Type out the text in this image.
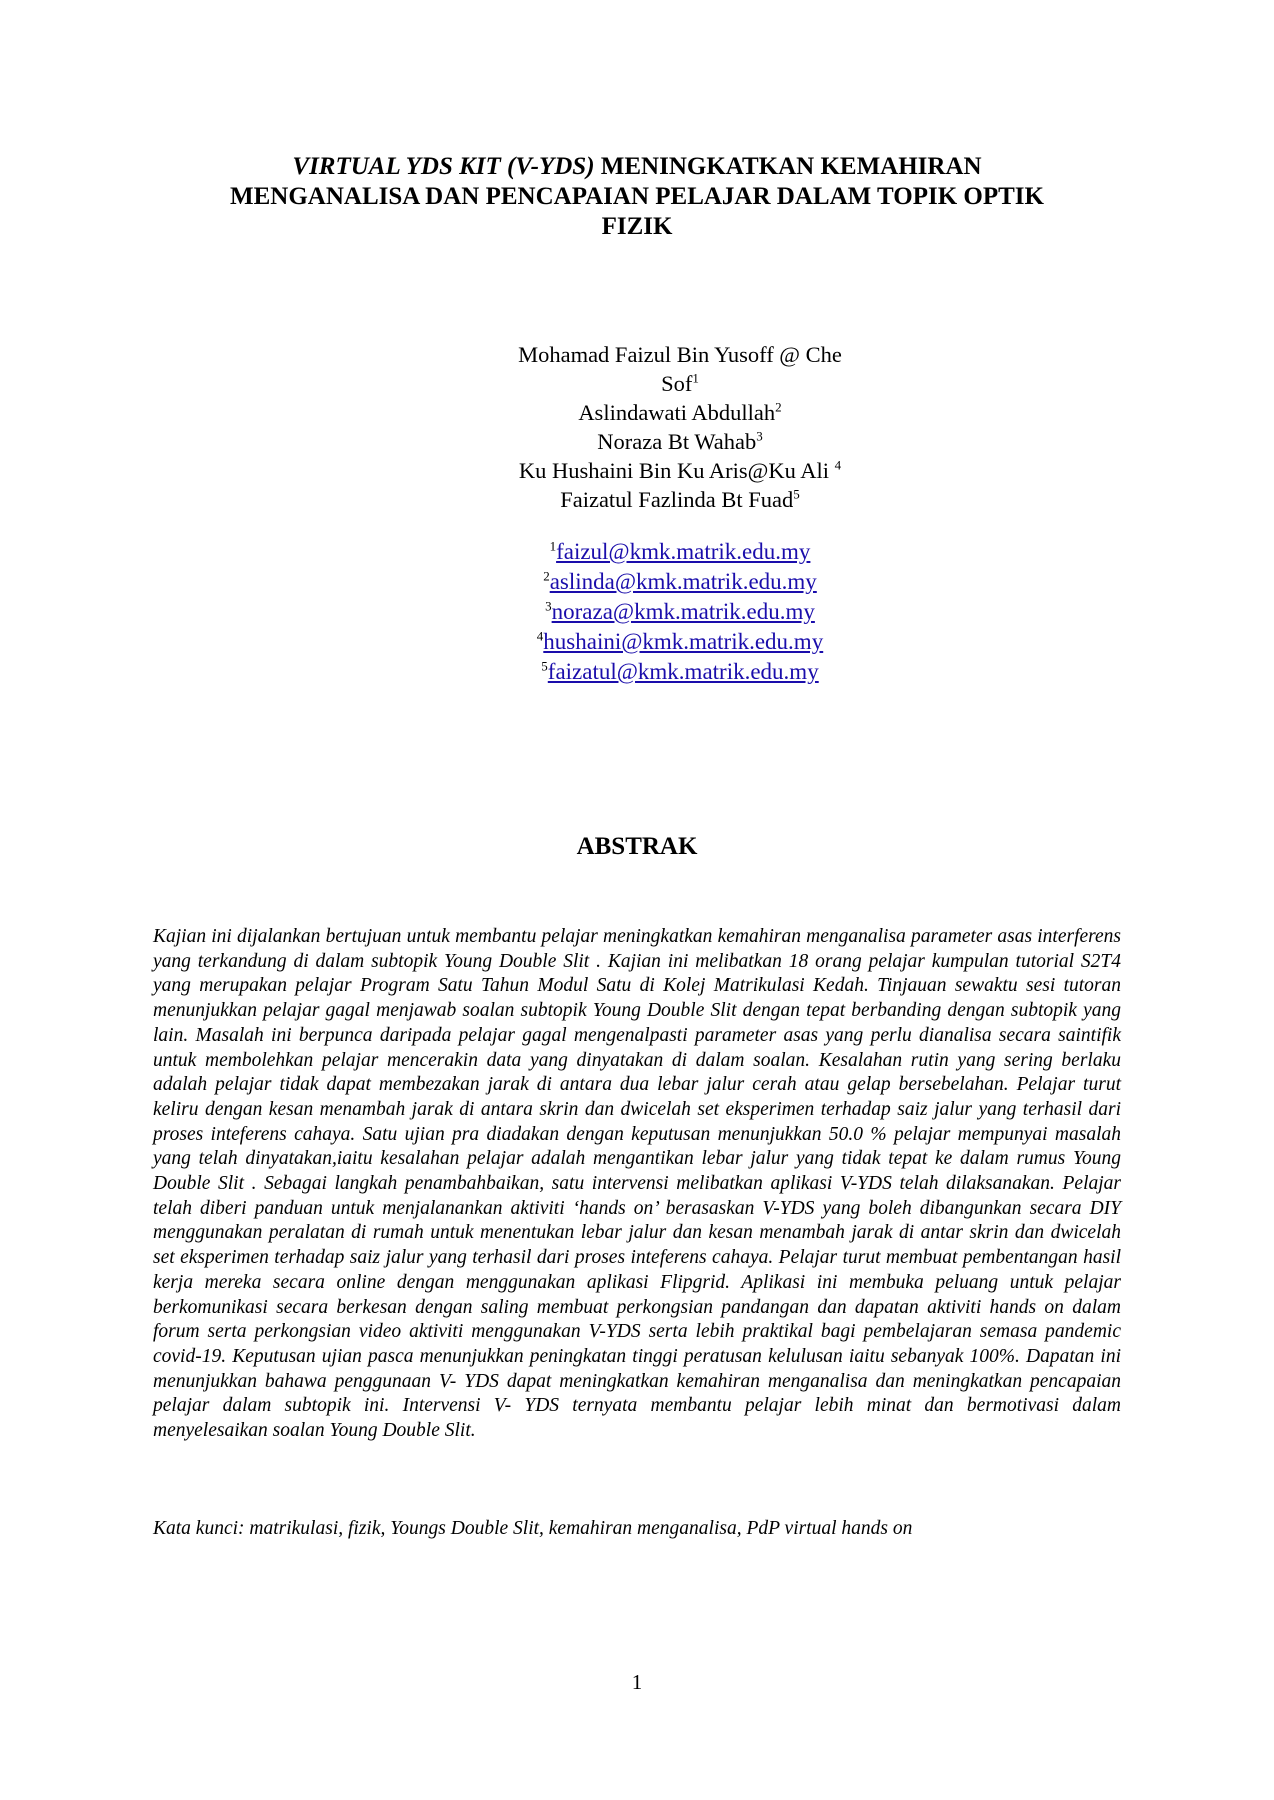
VIRTUAL YDS KIT (V-YDS) MENINGKATKAN KEMAHIRAN
MENGANALISA DAN PENCAPAIAN PELAJAR DALAM TOPIK OPTIK
FIZIK
Mohamad Faizul Bin Yusoff @ Che Sof$^1$
Aslindawati Abdullah$^2$
Noraza Bt Wahab$^3$
Ku Hushaini Bin Ku Aris@Ku Ali $^4$
Faizatul Fazlinda Bt Fuad$^5$
$^1$faizul@kmk.matrik.edu.my
$^2$aslinda@kmk.matrik.edu.my
$^3$noraza@kmk.matrik.edu.my
$^4$hushaini@kmk.matrik.edu.my
$^5$faizatul@kmk.matrik.edu.my
ABSTRAK
Kajian ini dijalankan bertujuan untuk membantu pelajar meningkatkan kemahiran menganalisa parameter asas interferens yang terkandung di dalam subtopik Young Double Slit . Kajian ini melibatkan 18 orang pelajar kumpulan tutorial S2T4 yang merupakan pelajar Program Satu Tahun Modul Satu di Kolej Matrikulasi Kedah. Tinjauan sewaktu sesi tutoran menunjukkan pelajar gagal menjawab soalan subtopik Young Double Slit dengan tepat berbanding dengan subtopik yang lain. Masalah ini berpunca daripada pelajar gagal mengenalpasti parameter asas yang perlu dianalisa secara saintifik untuk membolehkan pelajar mencerakin data yang dinyatakan di dalam soalan. Kesalahan rutin yang sering berlaku adalah pelajar tidak dapat membezakan jarak di antara dua lebar jalur cerah atau gelap bersebelahan. Pelajar turut keliru dengan kesan menambah jarak di antara skrin dan dwicelah set eksperimen terhadap saiz jalur yang terhasil dari proses inteferens cahaya. Satu ujian pra diadakan dengan keputusan menunjukkan 50.0 % pelajar mempunyai masalah yang telah dinyatakan,iaitu kesalahan pelajar adalah mengantikan lebar jalur yang tidak tepat ke dalam rumus Young Double Slit . Sebagai langkah penambahbaikan, satu intervensi melibatkan aplikasi V-YDS telah dilaksanakan. Pelajar telah diberi panduan untuk menjalanankan aktiviti ‘hands on’ berasaskan V-YDS yang boleh dibangunkan secara DIY menggunakan peralatan di rumah untuk menentukan lebar jalur dan kesan menambah jarak di antar skrin dan dwicelah set eksperimen terhadap saiz jalur yang terhasil dari proses inteferens cahaya. Pelajar turut membuat pembentangan hasil kerja mereka secara online dengan menggunakan aplikasi Flipgrid. Aplikasi ini membuka peluang untuk pelajar berkomunikasi secara berkesan dengan saling membuat perkongsian pandangan dan dapatan aktiviti hands on dalam forum serta perkongsian video aktiviti menggunakan V-YDS serta lebih praktikal bagi pembelajaran semasa pandemic covid-19. Keputusan ujian pasca menunjukkan peningkatan tinggi peratusan kelulusan iaitu sebanyak 100%. Dapatan ini menunjukkan bahawa penggunaan V- YDS dapat meningkatkan kemahiran menganalisa dan meningkatkan pencapaian pelajar dalam subtopik ini. Intervensi V- YDS ternyata membantu pelajar lebih minat dan bermotivasi dalam menyelesaikan soalan Young Double Slit.
Kata kunci: matrikulasi, fizik, Youngs Double Slit, kemahiran menganalisa, PdP virtual hands on
1
